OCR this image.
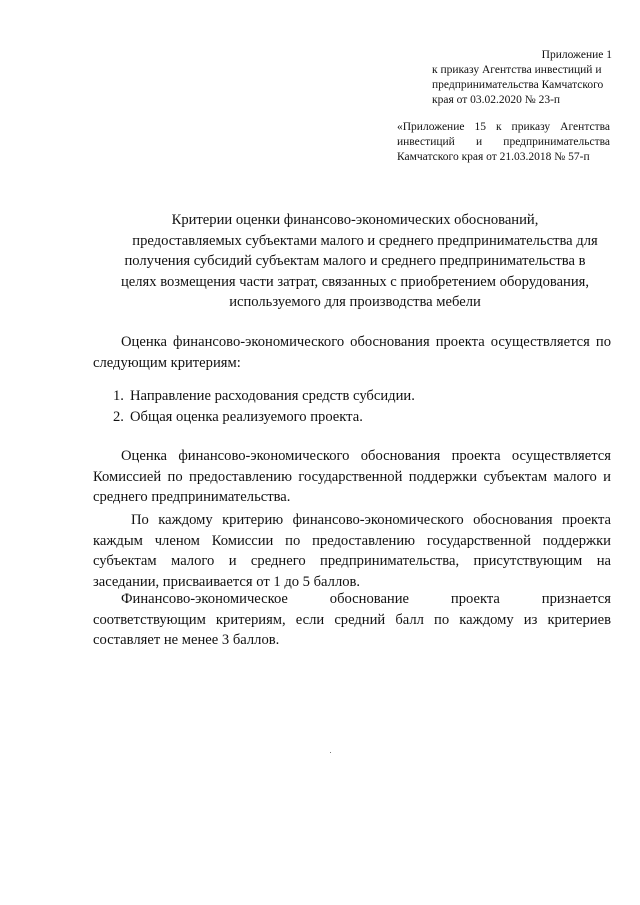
Приложение 1
к приказу Агентства инвестиций и предпринимательства Камчатского края от 03.02.2020 № 23-п
«Приложение 15 к приказу Агентства инвестиций и предпринимательства Камчатского края от 21.03.2018 № 57-п
Критерии оценки финансово-экономических обоснований,
предоставляемых субъектами малого и среднего предпринимательства для
получения субсидий субъектам малого и среднего предпринимательства в
целях возмещения части затрат, связанных с приобретением оборудования,
используемого для производства мебели

Оценка финансово-экономического обоснования проекта осуществляется по следующим критериям:

1. Направление расходования средств субсидии.
2. Общая оценка реализуемого проекта.

Оценка финансово-экономического обоснования проекта осуществляется Комиссией по предоставлению государственной поддержки субъектам малого и среднего предпринимательства.

По каждому критерию финансово-экономического обоснования проекта каждым членом Комиссии по предоставлению государственной поддержки субъектам малого и среднего предпринимательства, присутствующим на заседании, присваивается от 1 до 5 баллов.

Финансово-экономическое обоснование проекта признается соответствующим критериям, если средний балл по каждому из критериев составляет не менее 3 баллов.
